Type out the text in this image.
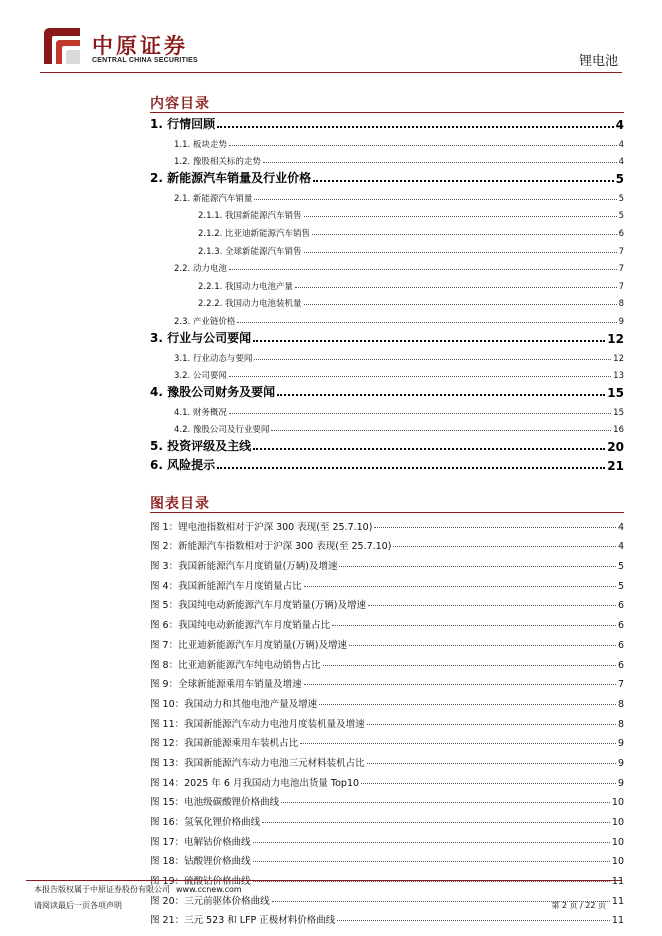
中原证券
CENTRAL CHINA SECURITIES	锂电池
内容目录
1. 行情回顾	4
1.1. 板块走势	4
1.2. 豫股相关标的走势	4
2. 新能源汽车销量及行业价格	5
2.1. 新能源汽车销量	5
2.1.1. 我国新能源汽车销售	5
2.1.2. 比亚迪新能源汽车销售	6
2.1.3. 全球新能源汽车销售	7
2.2. 动力电池	7
2.2.1. 我国动力电池产量	7
2.2.2. 我国动力电池装机量	8
2.3. 产业链价格	9
3. 行业与公司要闻	12
3.1. 行业动态与要闻	12
3.2. 公司要闻	13
4. 豫股公司财务及要闻	15
4.1. 财务概况	15
4.2. 豫股公司及行业要闻	16
5. 投资评级及主线	20
6. 风险提示	21
图表目录
图 1：锂电池指数相对于沪深 300 表现(至 25.7.10)	4
图 2：新能源汽车指数相对于沪深 300 表现(至 25.7.10)	4
图 3：我国新能源汽车月度销量(万辆)及增速	5
图 4：我国新能源汽车月度销量占比	5
图 5：我国纯电动新能源汽车月度销量(万辆)及增速	6
图 6：我国纯电动新能源汽车月度销量占比	6
图 7：比亚迪新能源汽车月度销量(万辆)及增速	6
图 8：比亚迪新能源汽车纯电动销售占比	6
图 9：全球新能源乘用车销量及增速	7
图 10：我国动力和其他电池产量及增速	8
图 11：我国新能源汽车动力电池月度装机量及增速	8
图 12：我国新能源乘用车装机占比	9
图 13：我国新能源汽车动力电池三元材料装机占比	9
图 14：2025 年 6 月我国动力电池出货量 Top10	9
图 15：电池级碳酸锂价格曲线	10
图 16：氢氧化锂价格曲线	10
图 17：电解钴价格曲线	10
图 18：钴酸锂价格曲线	10
图 19：硫酸钴价格曲线	11
图 20：三元前驱体价格曲线	11
图 21：三元 523 和 LFP 正极材料价格曲线	11
本报告版权属于中原证券股份有限公司 www.ccnew.com
请阅读最后一页各项声明	第 2 页 / 22 页
